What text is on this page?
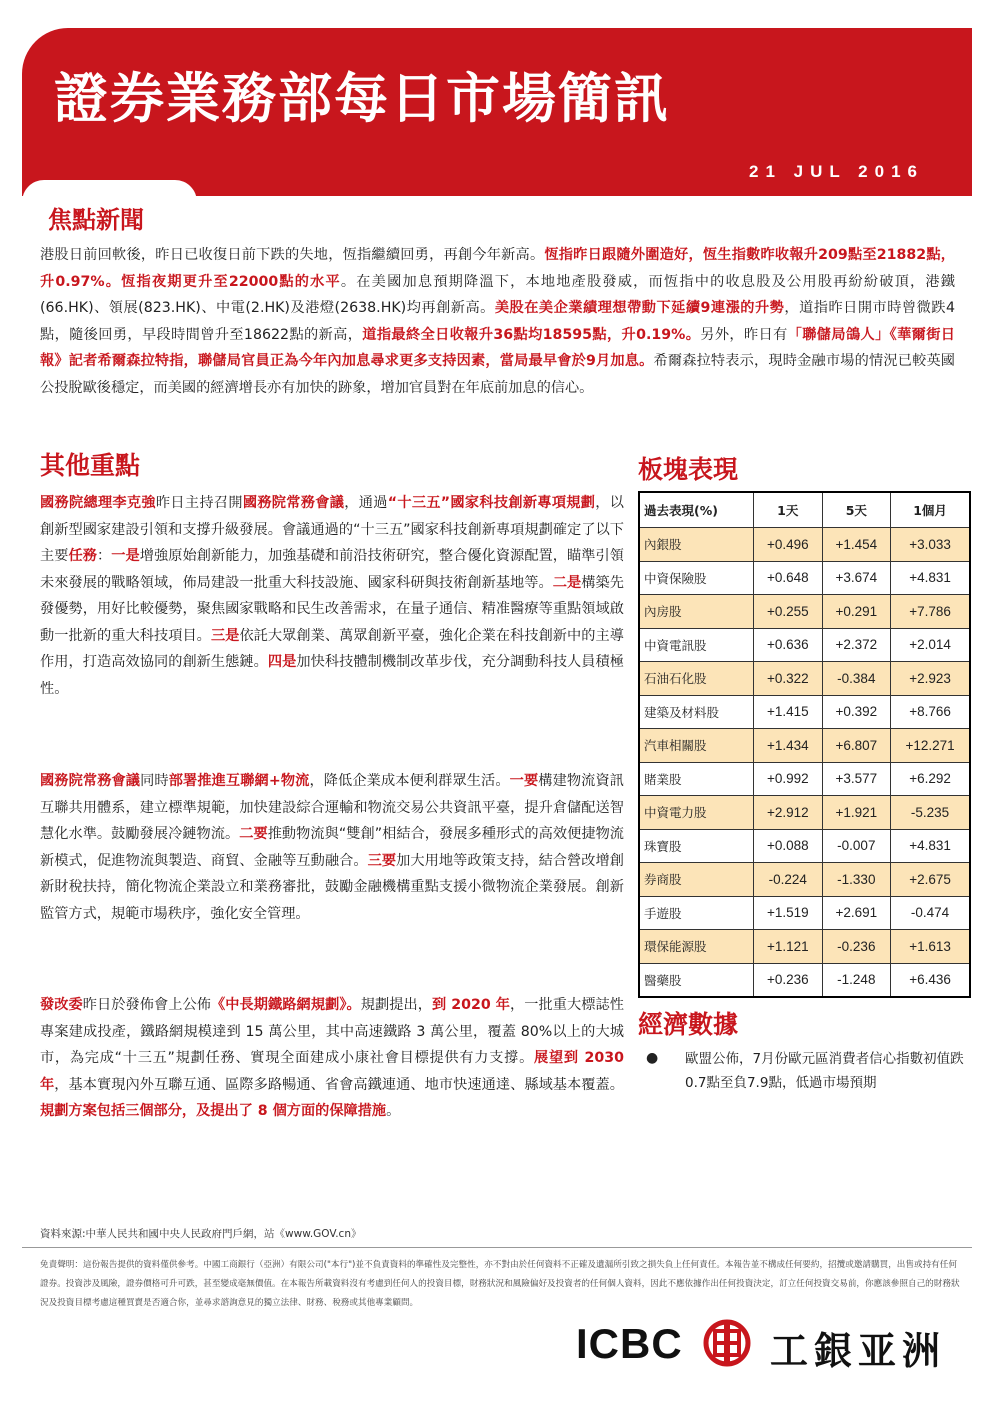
證券業務部每日市場簡訊
21 JUL 2016
焦點新聞
港股日前回軟後，昨日已收復日前下跌的失地，恆指繼續回勇，再創今年新高。恆指昨日跟隨外圍造好，恆生指數昨收報升209點至21882點，升0.97%。恆指夜期更升至22000點的水平。在美國加息預期降溫下，本地地產股發威，而恆指中的收息股及公用股再紛紛破頂，港鐵(66.HK)、領展(823.HK)、中電(2.HK)及港燈(2638.HK)均再創新高。美股在美企業績理想帶動下延續9連漲的升勢，道指昨日開市時曾微跌4點，隨後回勇，早段時間曾升至18622點的新高，道指最終全日收報升36點均18595點，升0.19%。另外，昨日有「聯儲局鴿人」《華爾街日報》記者希爾森拉特指，聯儲局官員正為今年內加息尋求更多支持因素，當局最早會於9月加息。希爾森拉特表示，現時金融市場的情況已較英國公投脫歐後穩定，而美國的經濟增長亦有加快的跡象，增加官員對在年底前加息的信心。
其他重點
國務院總理李克強昨日主持召開國務院常務會議，通過“十三五”國家科技創新專項規劃，以創新型國家建設引領和支撐升級發展。會議通過的“十三五”國家科技創新專項規劃確定了以下主要任務：一是增強原始創新能力，加強基礎和前沿技術研究，整合優化資源配置，瞄準引領未來發展的戰略領域，佈局建設一批重大科技設施、國家科研與技術創新基地等。二是構築先發優勢，用好比較優勢，聚焦國家戰略和民生改善需求，在量子通信、精准醫療等重點領域啟動一批新的重大科技項目。三是依託大眾創業、萬眾創新平臺，強化企業在科技創新中的主導作用，打造高效協同的創新生態鏈。四是加快科技體制機制改革步伐，充分調動科技人員積極性。
國務院常務會議同時部署推進互聯網+物流，降低企業成本便利群眾生活。一要構建物流資訊互聯共用體系，建立標準規範，加快建設綜合運輸和物流交易公共資訊平臺，提升倉儲配送智慧化水準。鼓勵發展冷鏈物流。二要推動物流與“雙創”相結合，發展多種形式的高效便捷物流新模式，促進物流與製造、商貿、金融等互動融合。三要加大用地等政策支持，結合營改增創新財稅扶持，簡化物流企業設立和業務審批，鼓勵金融機構重點支援小微物流企業發展。創新監管方式，規範市場秩序，強化安全管理。
發改委昨日於發佈會上公佈《中長期鐵路網規劃》。規劃提出，到 2020 年，一批重大標誌性專案建成投產，鐵路網規模達到 15 萬公里，其中高速鐵路 3 萬公里，覆蓋 80%以上的大城市，為完成“十三五”規劃任務、實現全面建成小康社會目標提供有力支撐。展望到 2030 年，基本實現內外互聯互通、區際多路暢通、省會高鐵連通、地市快速通達、縣域基本覆蓋。規劃方案包括三個部分，及提出了 8 個方面的保障措施。
板塊表現
過去表現(%)	1天	5天	1個月
內銀股	+0.496	+1.454	+3.033
中資保險股	+0.648	+3.674	+4.831
內房股	+0.255	+0.291	+7.786
中資電訊股	+0.636	+2.372	+2.014
石油石化股	+0.322	-0.384	+2.923
建築及材料股	+1.415	+0.392	+8.766
汽車相關股	+1.434	+6.807	+12.271
賭業股	+0.992	+3.577	+6.292
中資電力股	+2.912	+1.921	-5.235
珠寶股	+0.088	-0.007	+4.831
券商股	-0.224	-1.330	+2.675
手遊股	+1.519	+2.691	-0.474
環保能源股	+1.121	-0.236	+1.613
醫藥股	+0.236	-1.248	+6.436
經濟數據
● 歐盟公佈，7月份歐元區消費者信心指數初值跌0.7點至負7.9點，低過市場預期
資料來源:中華人民共和國中央人民政府門戶網，站《www.GOV.cn》
免責聲明：這份報告提供的資料僅供參考。中國工商銀行（亞洲）有限公司("本行")並不負責資料的準確性及完整性，亦不對由於任何資料不正確及遺漏所引致之損失負上任何責任。本報告並不構成任何要約，招攬或邀請購買，出售或持有任何證券。投資涉及風險，證券價格可升可跌，甚至變成毫無價值。在本報告所載資料沒有考慮到任何人的投資目標，財務狀況和風險偏好及投資者的任何個人資料，因此不應依據作出任何投資決定，訂立任何投資交易前，你應該參照自己的財務狀況及投資目標考慮這種買賣是否適合你，並尋求諮詢意見的獨立法律、財務、稅務或其他專業顧問。
ICBC 工銀亚洲
